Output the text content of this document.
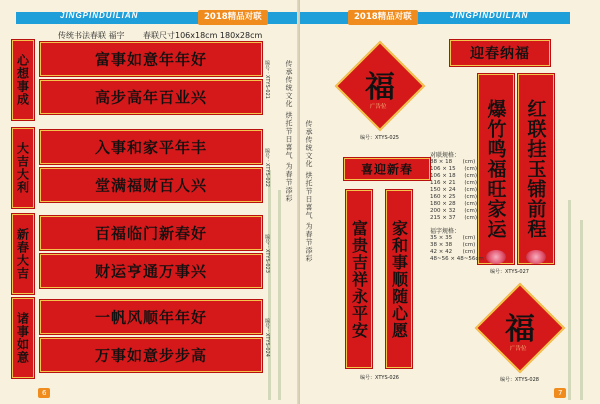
JINGPINDUILIAN	2018精品对联
传统书法春联 福字 春联尺寸106x18cm 180x28cm
心想事成	富事如意年年好
高步高年百业兴	编号：XTYS-021
大吉大利	入事和家平年丰
堂满福财百人兴	编号：XTYS-022
新春大吉	百福临门新春好
财运亨通万事兴	编号：XTYS-023
诸事如意	一帆风顺年年好
万事如意步步高	编号：XTYS-024
传承传统文化 烘托节日喜气 为春节添彩
6
2018精品对联	JINGPINDUILIAN
福
广告位
编号：XTYS-025
迎春纳福
红联挂玉铺前程
爆竹鸣福旺家运
编号：XTYS-027
喜迎新春
家和事顺随心愿
富贵吉祥永平安
编号：XTYS-026
对联规格：
88 × 18      (cm)
106 × 15     (cm)
106 × 18     (cm)
116 × 21     (cm)
150 × 24     (cm)
160 × 25     (cm)
180 × 28     (cm)
200 × 32     (cm)
215 × 37     (cm)
福字规格：
35 × 35      (cm)
38 × 38      (cm)
42 × 42      (cm)
48~56 × 48~56cm
福
广告位
编号：XTYS-028
传承传统文化 烘托节日喜气 为春节添彩
7
